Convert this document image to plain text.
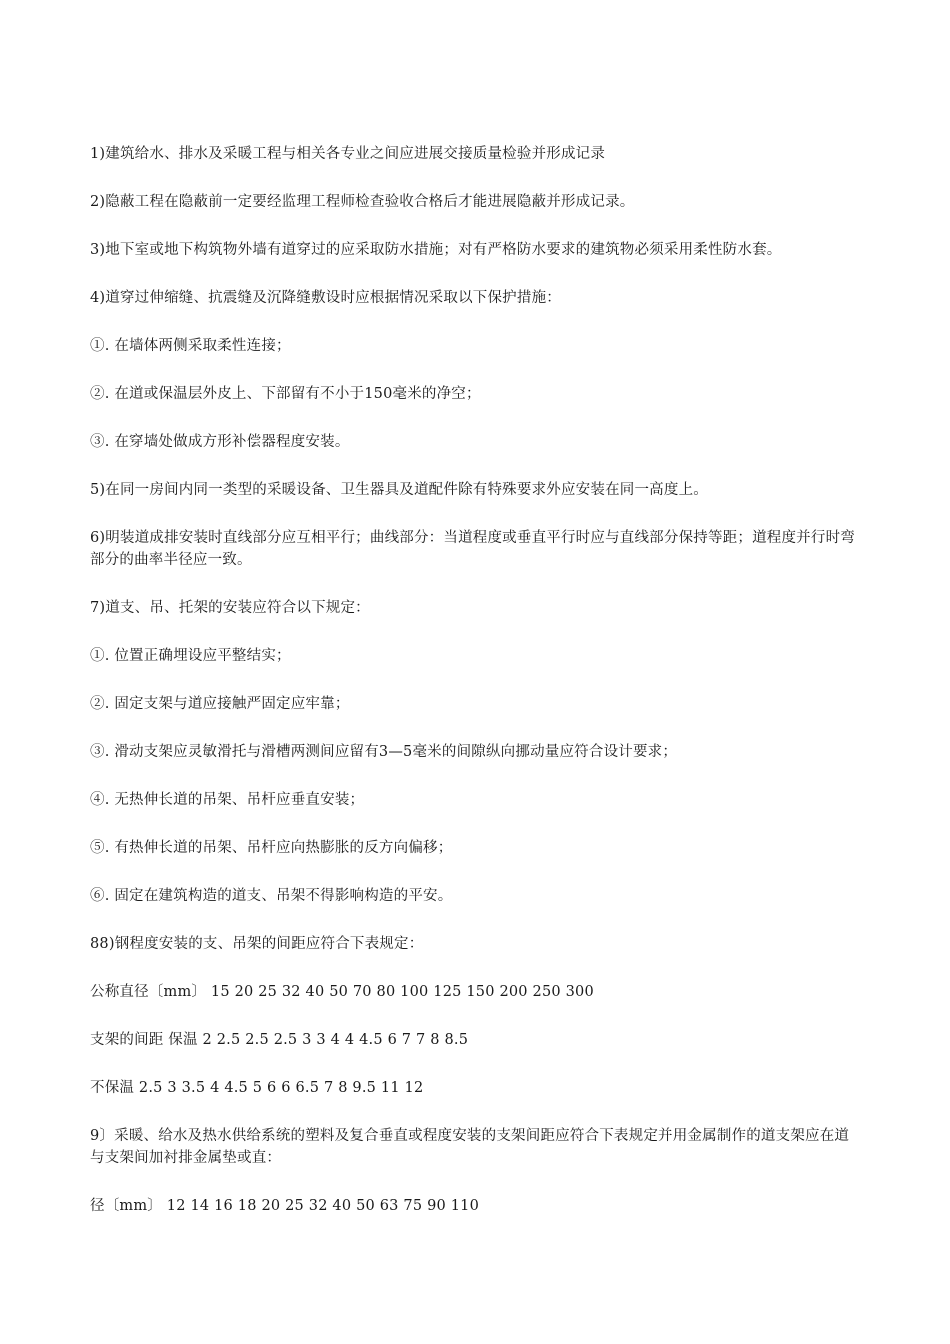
1)建筑给水、排水及采暖工程与相关各专业之间应进展交接质量检验并形成记录

2)隐蔽工程在隐蔽前一定要经监理工程师检查验收合格后才能进展隐蔽并形成记录。

3)地下室或地下构筑物外墙有道穿过的应采取防水措施；对有严格防水要求的建筑物必须采用柔性防水套。

4)道穿过伸缩缝、抗震缝及沉降缝敷设时应根据情况采取以下保护措施：

①. 在墙体两侧采取柔性连接；

②. 在道或保温层外皮上、下部留有不小于150毫米的净空；

③. 在穿墙处做成方形补偿器程度安装。

5)在同一房间内同一类型的采暖设备、卫生器具及道配件除有特殊要求外应安装在同一高度上。

6)明装道成排安装时直线部分应互相平行；曲线部分：当道程度或垂直平行时应与直线部分保持等距；道程度并行时弯部分的曲率半径应一致。

7)道支、吊、托架的安装应符合以下规定：

①. 位置正确埋设应平整结实；

②. 固定支架与道应接触严固定应牢靠；

③. 滑动支架应灵敏滑托与滑槽两测间应留有3—5毫米的间隙纵向挪动量应符合设计要求；

④. 无热伸长道的吊架、吊杆应垂直安装；

⑤. 有热伸长道的吊架、吊杆应向热膨胀的反方向偏移；

⑥. 固定在建筑构造的道支、吊架不得影响构造的平安。

88)钢程度安装的支、吊架的间距应符合下表规定：

公称直径〔mm〕 15 20 25 32 40 50 70 80 100 125 150 200 250 300

支架的间距 保温 2 2.5 2.5 2.5 3 3 4 4 4.5 6 7 7 8 8.5

不保温 2.5 3 3.5 4 4.5 5 6 6 6.5 7 8 9.5 11 12

9〕采暖、给水及热水供给系统的塑料及复合垂直或程度安装的支架间距应符合下表规定并用金属制作的道支架应在道与支架间加衬排金属垫或直：

径〔mm〕 12 14 16 18 20 25 32 40 50 63 75 90 110
